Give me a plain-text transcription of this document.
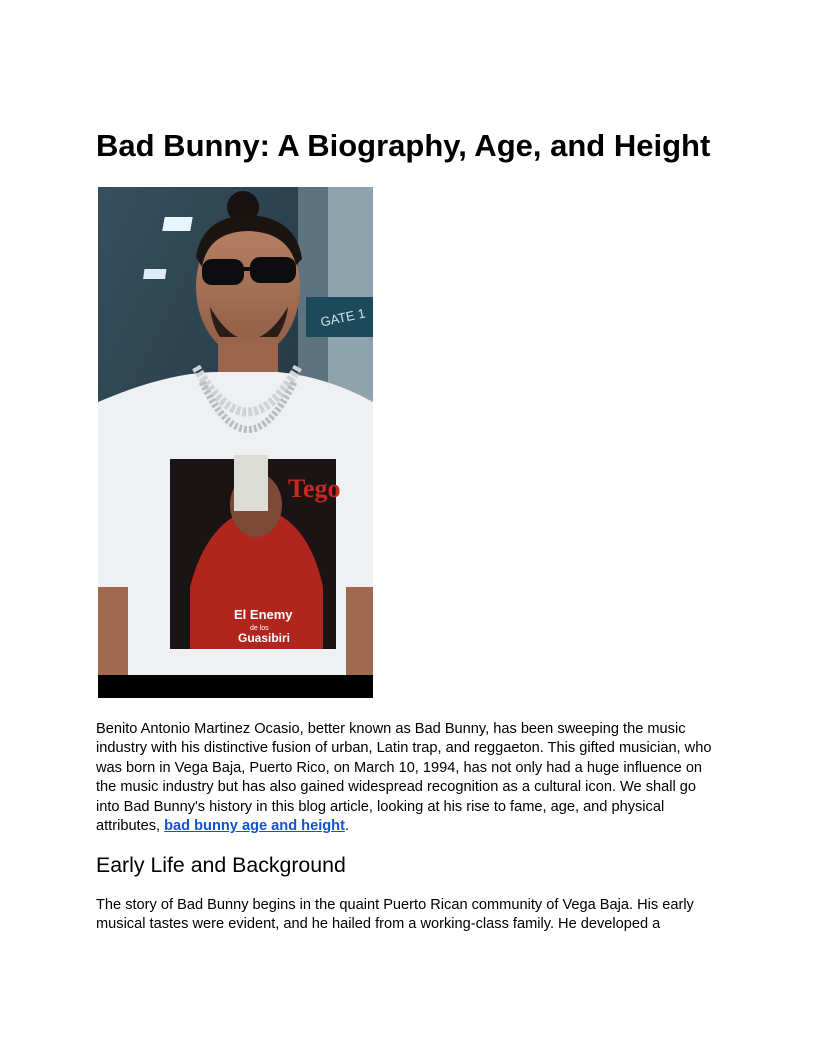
Bad Bunny: A Biography, Age, and Height
GATE 1
Tego
El Enemy
de los
Guasibiri

Benito Antonio Martinez Ocasio, better known as Bad Bunny, has been sweeping the music industry with his distinctive fusion of urban, Latin trap, and reggaeton. This gifted musician, who was born in Vega Baja, Puerto Rico, on March 10, 1994, has not only had a huge influence on the music industry but has also gained widespread recognition as a cultural icon. We shall go into Bad Bunny's history in this blog article, looking at his rise to fame, age, and physical attributes, bad bunny age and height.

Early Life and Background

The story of Bad Bunny begins in the quaint Puerto Rican community of Vega Baja. His early musical tastes were evident, and he hailed from a working-class family. He developed a
